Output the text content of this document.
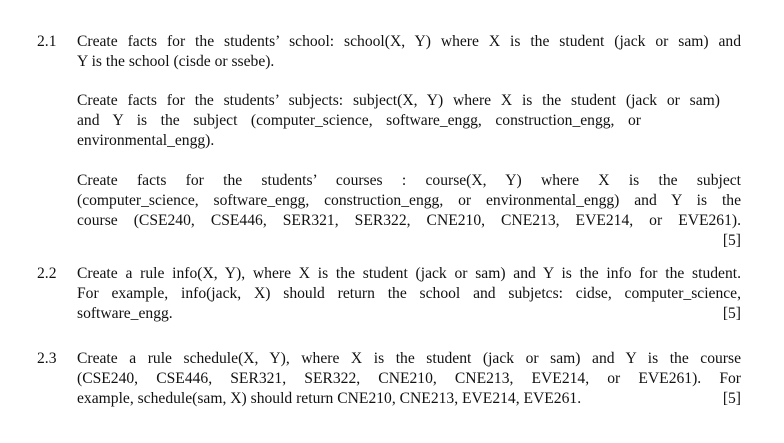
2.1 Create facts for the students’ school: school(X, Y) where X is the student (jack or sam) and
Y is the school (cisde or ssebe).
Create facts for the students’ subjects: subject(X, Y) where X is the student (jack or sam)
and Y is the subject (computer_science, software_engg, construction_engg, or
environmental_engg).
Create facts for the students’ courses : course(X, Y) where X is the subject
(computer_science, software_engg, construction_engg, or environmental_engg) and Y is the
course (CSE240, CSE446, SER321, SER322, CNE210, CNE213, EVE214, or EVE261).
[5]
2.2 Create a rule info(X, Y), where X is the student (jack or sam) and Y is the info for the student.
For example, info(jack, X) should return the school and subjetcs: cidse, computer_science,
software_engg.	[5]
2.3 Create a rule schedule(X, Y), where X is the student (jack or sam) and Y is the course
(CSE240, CSE446, SER321, SER322, CNE210, CNE213, EVE214, or EVE261). For
example, schedule(sam, X) should return CNE210, CNE213, EVE214, EVE261.	[5]
